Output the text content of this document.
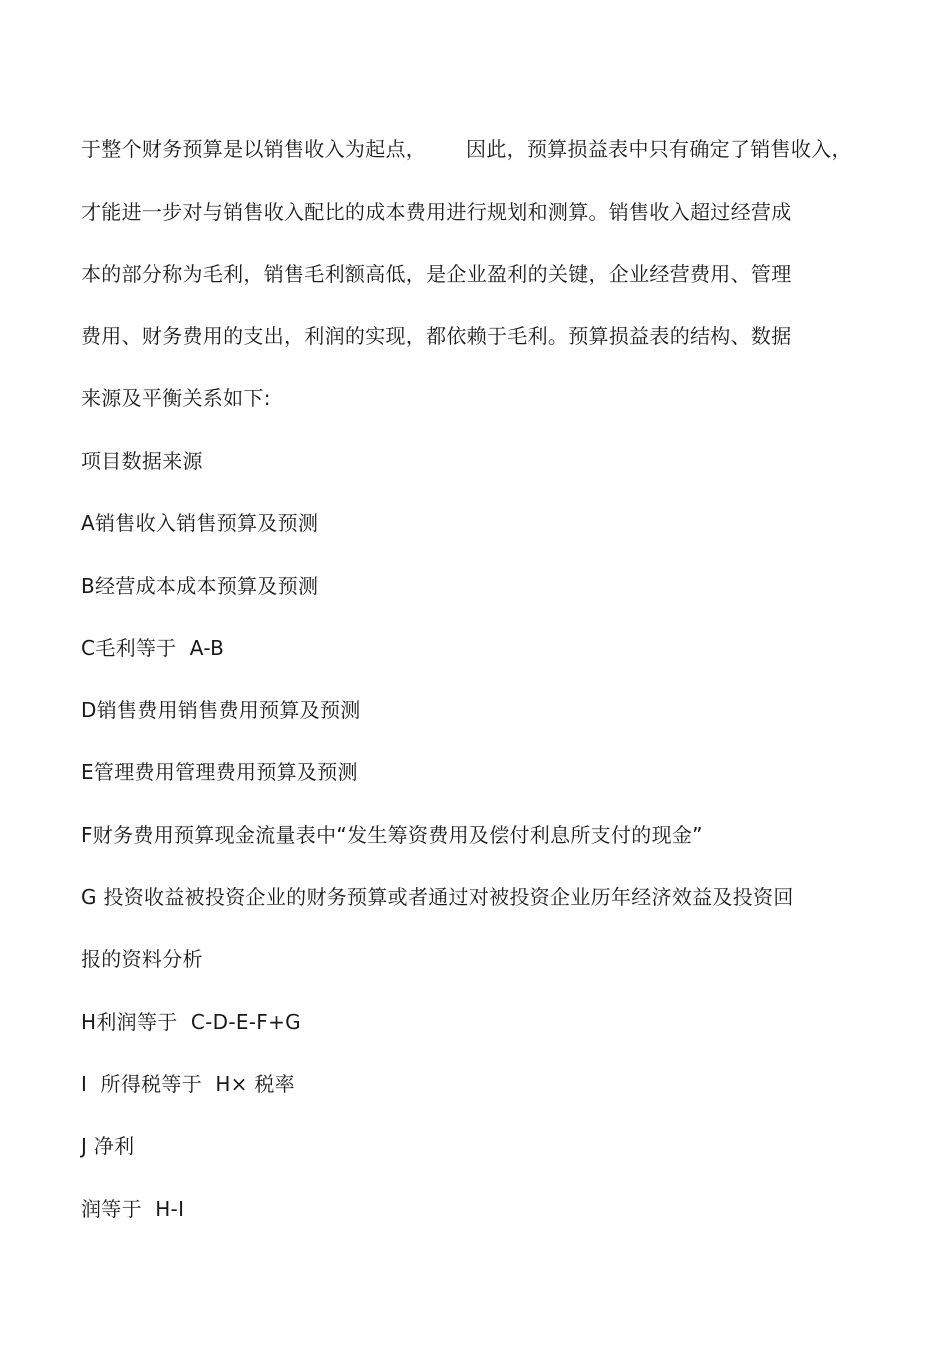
于整个财务预算是以销售收入为起点，      因此，预算损益表中只有确定了销售收入，
才能进一步对与销售收入配比的成本费用进行规划和测算。销售收入超过经营成
本的部分称为毛利，销售毛利额高低，是企业盈利的关键，企业经营费用、管理
费用、财务费用的支出，利润的实现，都依赖于毛利。预算损益表的结构、数据
来源及平衡关系如下:
项目数据来源
A销售收入销售预算及预测
B经营成本成本预算及预测
C毛利等于  A-B
D销售费用销售费用预算及预测
E管理费用管理费用预算及预测
F财务费用预算现金流量表中“发生筹资费用及偿付利息所支付的现金”
G 投资收益被投资企业的财务预算或者通过对被投资企业历年经济效益及投资回
报的资料分析
H利润等于  C-D-E-F+G
I  所得税等于  H× 税率
J 净利
润等于  H-I
